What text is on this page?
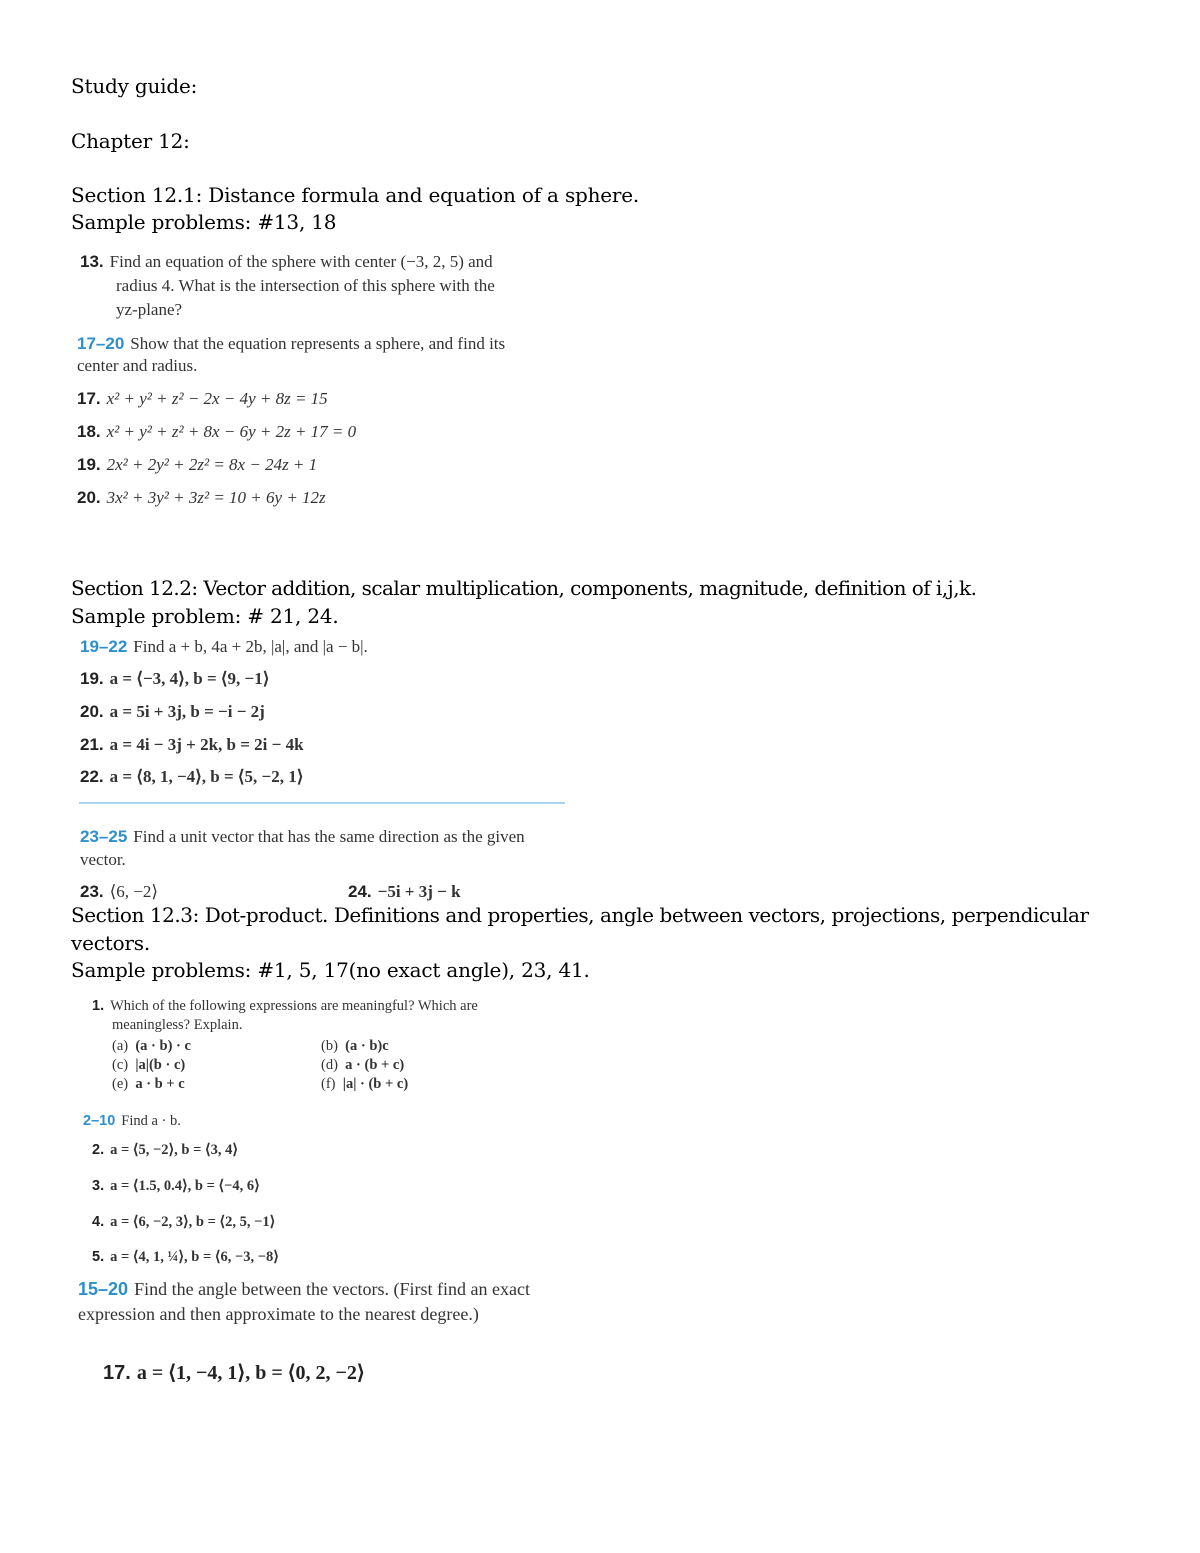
Study guide:
Chapter 12:
Section 12.1: Distance formula and equation of a sphere.
Sample problems: #13, 18
13. Find an equation of the sphere with center (−3, 2, 5) and
radius 4. What is the intersection of this sphere with the
yz-plane?
17–20 Show that the equation represents a sphere, and find its
center and radius.
17. x² + y² + z² − 2x − 4y + 8z = 15
18. x² + y² + z² + 8x − 6y + 2z + 17 = 0
19. 2x² + 2y² + 2z² = 8x − 24z + 1
20. 3x² + 3y² + 3z² = 10 + 6y + 12z
Section 12.2: Vector addition, scalar multiplication, components, magnitude, definition of i,j,k.
Sample problem: # 21, 24.
19–22 Find a + b, 4a + 2b, |a|, and |a − b|.
19. a = ⟨−3, 4⟩, b = ⟨9, −1⟩
20. a = 5i + 3j, b = −i − 2j
21. a = 4i − 3j + 2k, b = 2i − 4k
22. a = ⟨8, 1, −4⟩, b = ⟨5, −2, 1⟩
23–25 Find a unit vector that has the same direction as the given
vector.
23. ⟨6, −2⟩	24. −5i + 3j − k
Section 12.3: Dot-product. Definitions and properties, angle between vectors, projections, perpendicular
vectors.
Sample problems: #1, 5, 17(no exact angle), 23, 41.
1. Which of the following expressions are meaningful? Which are
meaningless? Explain.
(a) (a · b) · c	(b) (a · b)c
(c) |a|(b · c)	(d) a · (b + c)
(e) a · b + c	(f) |a| · (b + c)
2–10 Find a · b.
2. a = ⟨5, −2⟩, b = ⟨3, 4⟩
3. a = ⟨1.5, 0.4⟩, b = ⟨−4, 6⟩
4. a = ⟨6, −2, 3⟩, b = ⟨2, 5, −1⟩
5. a = ⟨4, 1, ¼⟩, b = ⟨6, −3, −8⟩
15–20 Find the angle between the vectors. (First find an exact
expression and then approximate to the nearest degree.)
17. a = ⟨1, −4, 1⟩, b = ⟨0, 2, −2⟩
